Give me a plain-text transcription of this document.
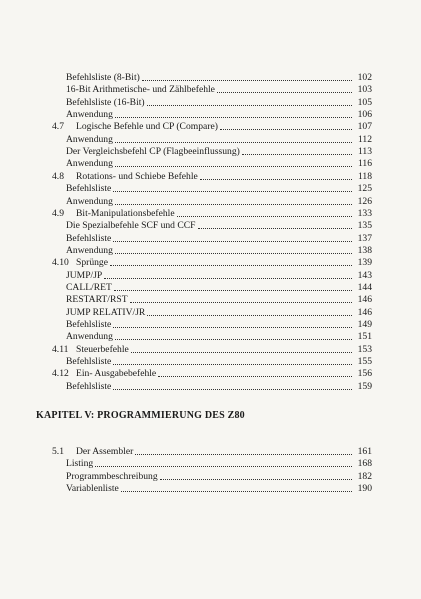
Befehlsliste (8-Bit)	102
16-Bit Arithmetische- und Zählbefehle	103
Befehlsliste (16-Bit)	105
Anwendung	106
4.7	Logische Befehle und CP (Compare)	107
Anwendung	112
Der Vergleichsbefehl CP (Flagbeeinflussung)	113
Anwendung	116
4.8	Rotations- und Schiebe Befehle	118
Befehlsliste	125
Anwendung	126
4.9	Bit-Manipulationsbefehle	133
Die Spezialbefehle SCF und CCF	135
Befehlsliste	137
Anwendung	138
4.10 Sprünge	139
JUMP/JP	143
CALL/RET	144
RESTART/RST	146
JUMP RELATIV/JR	146
Befehlsliste	149
Anwendung	151
4.11 Steuerbefehle	153
Befehlsliste	155
4.12 Ein- Ausgabebefehle	156
Befehlsliste	159
5.1	Der Assembler	161
Listing	168
Programmbeschreibung	182
Variablenliste	190
KAPITEL V: PROGRAMMIERUNG DES Z80
